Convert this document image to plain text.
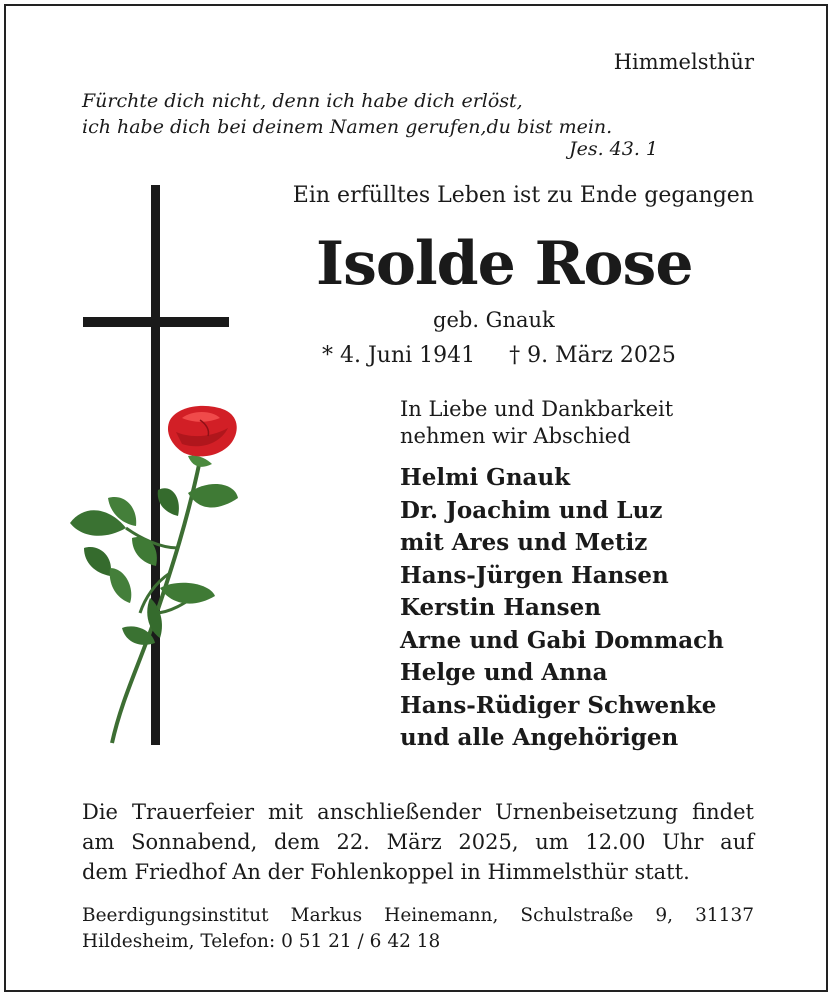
Himmelsthür
Fürchte dich nicht, denn ich habe dich erlöst,
ich habe dich bei deinem Namen gerufen,du bist mein.
Jes. 43. 1
Ein erfülltes Leben ist zu Ende gegangen
Isolde Rose
geb. Gnauk
* 4. Juni 1941 † 9. März 2025
In Liebe und Dankbarkeit
nehmen wir Abschied
Helmi Gnauk
Dr. Joachim und Luz
mit Ares und Metiz
Hans-Jürgen Hansen
Kerstin Hansen
Arne und Gabi Dommach
Helge und Anna
Hans-Rüdiger Schwenke
und alle Angehörigen
Die Trauerfeier mit anschließender Urnenbeisetzung findet
am Sonnabend, dem 22. März 2025, um 12.00 Uhr auf
dem Friedhof An der Fohlenkoppel in Himmelsthür statt.
Beerdigungsinstitut Markus Heinemann, Schulstraße 9, 31137
Hildesheim, Telefon: 0 51 21 / 6 42 18
